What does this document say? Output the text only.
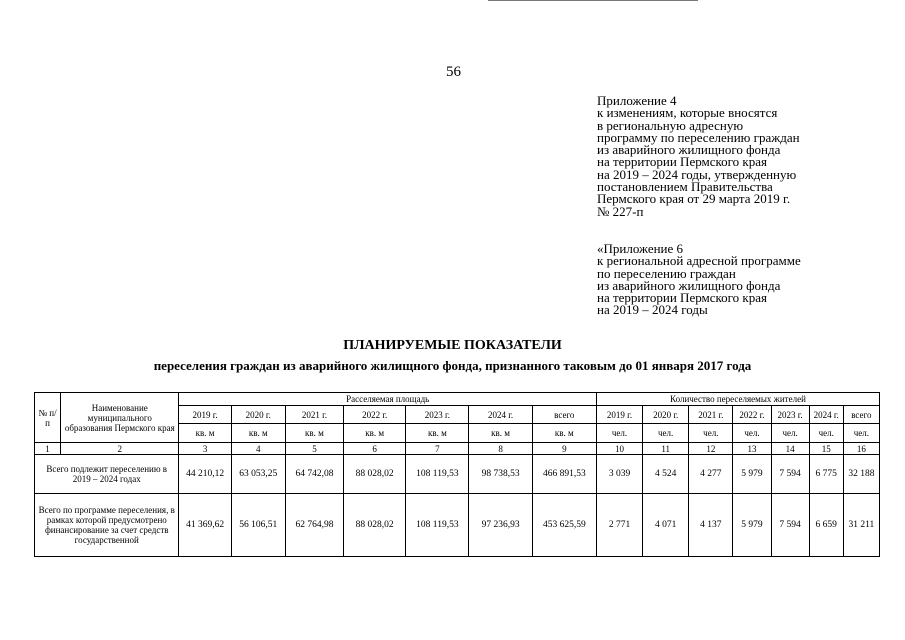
56
Приложение 4
к изменениям, которые вносятся
в региональную адресную
программу по переселению граждан
из аварийного жилищного фонда
на территории Пермского края
на 2019 – 2024 годы, утвержденную
постановлением Правительства
Пермского края от 29 марта 2019 г.
№ 227-п
«Приложение 6
к региональной адресной программе
по переселению граждан
из аварийного жилищного фонда
на территории Пермского края
на 2019 – 2024 годы
ПЛАНИРУЕМЫЕ ПОКАЗАТЕЛИ
переселения граждан из аварийного жилищного фонда, признанного таковым до 01 января 2017 года
№ п/п	Наименование муниципального образования Пермского края	Расселяемая площадь							Количество переселяемых жителей						
		2019 г.	2020 г.	2021 г.	2022 г.	2023 г.	2024 г.	всего	2019 г.	2020 г.	2021 г.	2022 г.	2023 г.	2024 г.	всего
		кв. м	кв. м	кв. м	кв. м	кв. м	кв. м	кв. м	чел.	чел.	чел.	чел.	чел.	чел.	чел.
1	2	3	4	5	6	7	8	9	10	11	12	13	14	15	16
Всего подлежит переселению в 2019 – 2024 годах		44 210,12	63 053,25	64 742,08	88 028,02	108 119,53	98 738,53	466 891,53	3 039	4 524	4 277	5 979	7 594	6 775	32 188
Всего по программе переселения, в рамках которой предусмотрено финансирование за счет средств государственной		41 369,62	56 106,51	62 764,98	88 028,02	108 119,53	97 236,93	453 625,59	2 771	4 071	4 137	5 979	7 594	6 659	31 211
